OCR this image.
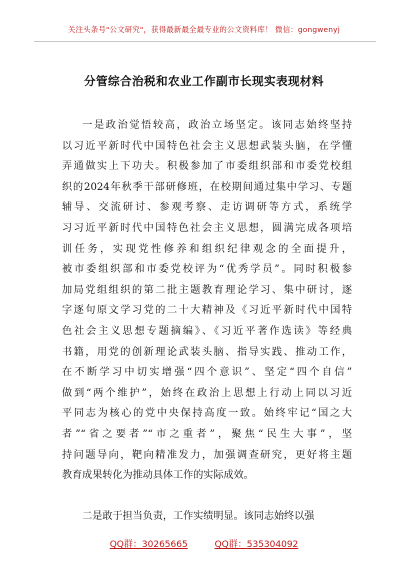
关注头条号"公文研究"，获得最新最全最专业的公文资料库！ 微信：gongwenyj
分管综合治税和农业工作副市长现实表现材料
一是政治觉悟较高，政治立场坚定。该同志始终坚持
以习近平新时代中国特色社会主义思想武装头脑，在学懂
弄通做实上下功夫。积极参加了市委组织部和市委党校组
织的2024年秋季干部研修班，在校期间通过集中学习、专题
辅导、交流研讨、参观考察、走访调研等方式，系统学
习习近平新时代中国特色社会主义思想，圆满完成各项培
训任务，实现党性修养和组织纪律观念的全面提升，
被市委组织部和市委党校评为“优秀学员”。同时积极参
加局党组组织的第二批主题教育理论学习、集中研讨，逐
字逐句原文学习党的二十大精神及《习近平新时代中国特
色社会主义思想专题摘编》、《习近平著作选读》等经典
书籍，用党的创新理论武装头脑、指导实践、推动工作，
在不断学习中切实增强“四个意识”、坚定“四个自信”
做到“两个维护”，始终在政治上思想上行动上同以习近
平同志为核心的党中央保持高度一致。始终牢记“国之大
者”“省之要者”“市之重者”，聚焦“民生大事”，坚
持问题导向，靶向精准发力，加强调查研究，更好将主题
教育成果转化为推动具体工作的实际成效。
二是敢于担当负责，工作实绩明显。该同志始终以强
QQ群：30265665	QQ群：535304092
